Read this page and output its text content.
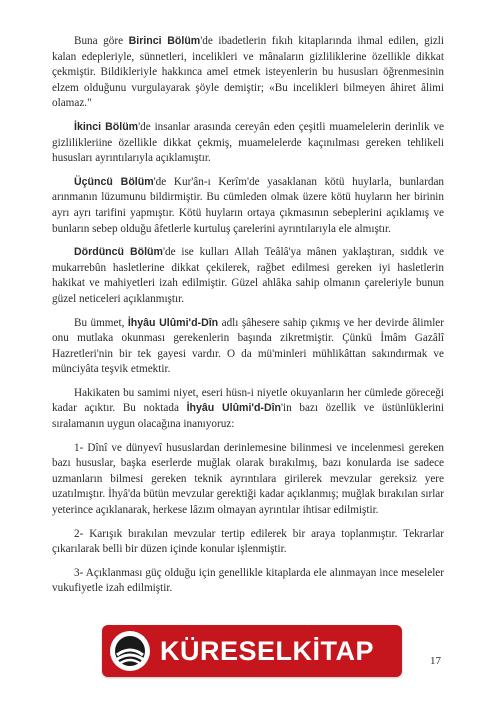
Buna göre Birinci Bölüm'de ibadetlerin fıkıh kitaplarında ihmal edilen, gizli kalan edepleriyle, sünnetleri, incelikleri ve mânaların gizliliklerine özellikle dikkat çekmiştir. Bildikleriyle hakkınca amel etmek isteyenlerin bu hususları öğrenmesinin elzem olduğunu vurgulayarak şöyle demiştir; «Bu incelikleri bilmeyen âhiret âlimi olamaz."

İkinci Bölüm'de insanlar arasında cereyân eden çeşitli muamelelerin derinlik ve gizlilikleriine özellikle dikkat çekmiş, muamelelerde kaçınılması gereken tehlikeli hususları ayrıntılarıyla açıklamıştır.

Üçüncü Bölüm'de Kur'ân-ı Kerîm'de yasaklanan kötü huylarla, bunlardan arınmanın lüzumunu bildirmiştir. Bu cümleden olmak üzere kötü huyların her birinin ayrı ayrı tarifini yapmıştır. Kötü huyların ortaya çıkmasının sebeplerini açıklamış ve bunların sebep olduğu âfetlerle kurtuluş çarelerini ayrıntılarıyla ele almıştır.

Dördüncü Bölüm'de ise kulları Allah Teâlâ'ya mânen yaklaştıran, sıddık ve mukarrebûn hasletlerine dikkat çekilerek, rağbet edilmesi gereken iyi hasletlerin hakikat ve mahiyetleri izah edilmiştir. Güzel ahlâka sahip olmanın çareleriyle bunun güzel neticeleri açıklanmıştır.

Bu ümmet, İhyâu Ulûmi'd-Dîn adlı şâhesere sahip çıkmış ve her devirde âlimler onu mutlaka okunması gerekenlerin başında zikretmiştir. Çünkü İmâm Gazâlî Hazretleri'nin bir tek gayesi vardır. O da mü'minleri mühlikâttan sakındırmak ve münciyâta teşvik etmektir.

Hakikaten bu samimi niyet, eseri hüsn-i niyetle okuyanların her cümlede göreceği kadar açıktır. Bu noktada İhyâu Ulûmi'd-Dîn'in bazı özellik ve üstünlüklerini sıralamanın uygun olacağına inanıyoruz:

1- Dînî ve dünyevî hususlardan derinlemesine bilinmesi ve incelenmesi gereken bazı hususlar, başka eserlerde muğlak olarak bırakılmış, bazı konularda ise sadece uzmanların bilmesi gereken teknik ayrıntılara girilerek mevzular gereksiz yere uzatılmıştır. İhyâ'da bütün mevzular gerektiği kadar açıklanmış; muğlak bırakılan sırlar yeterince açıklanarak, herkese lâzım olmayan ayrıntılar ihtisar edilmiştir.

2- Karışık bırakılan mevzular tertip edilerek bir araya toplanmıştır. Tekrarlar çıkarılarak belli bir düzen içinde konular işlenmiştir.

3- Açıklanması güç olduğu için genellikle kitaplarda ele alınmayan ince meseleler vukufiyetle izah edilmiştir.

KÜRESELKİTAP	17
